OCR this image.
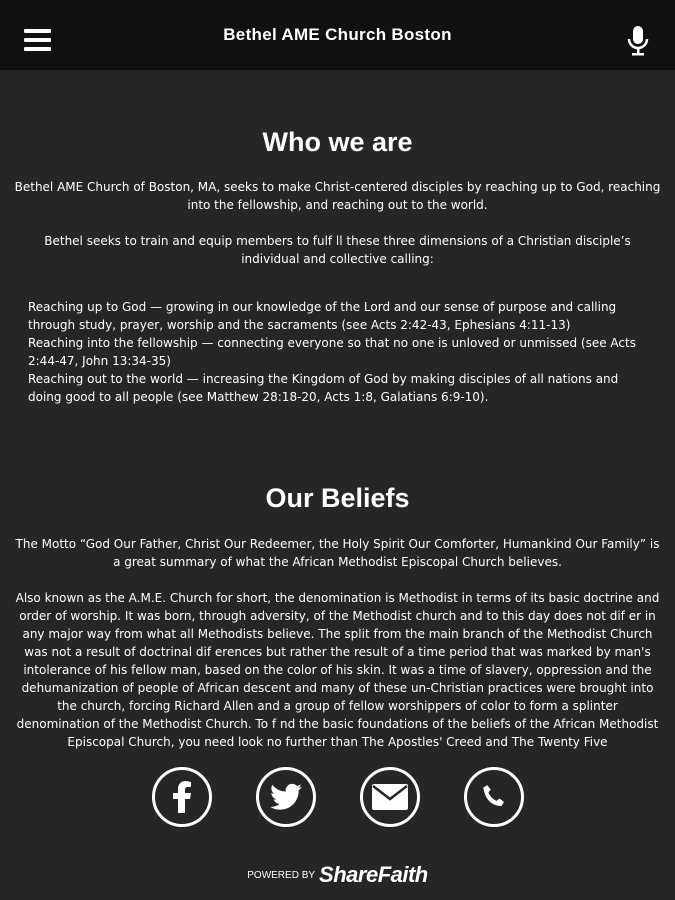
Bethel AME Church Boston
Who we are

Bethel AME Church of Boston, MA, seeks to make Christ-centered disciples by reaching up to God, reaching into the fellowship, and reaching out to the world.

Bethel seeks to train and equip members to fulf ll these three dimensions of a Christian disciple’s individual and collective calling:

Reaching up to God — growing in our knowledge of the Lord and our sense of purpose and calling through study, prayer, worship and the sacraments (see Acts 2:42-43, Ephesians 4:11-13)
Reaching into the fellowship — connecting everyone so that no one is unloved or unmissed (see Acts 2:44-47, John 13:34-35)
Reaching out to the world — increasing the Kingdom of God by making disciples of all nations and doing good to all people (see Matthew 28:18-20, Acts 1:8, Galatians 6:9-10).
Our Beliefs

The Motto “God Our Father, Christ Our Redeemer, the Holy Spirit Our Comforter, Humankind Our Family” is a great summary of what the African Methodist Episcopal Church believes.

Also known as the A.M.E. Church for short, the denomination is Methodist in terms of its basic doctrine and order of worship. It was born, through adversity, of the Methodist church and to this day does not dif er in any major way from what all Methodists believe. The split from the main branch of the Methodist Church was not a result of doctrinal dif erences but rather the result of a time period that was marked by man's intolerance of his fellow man, based on the color of his skin. It was a time of slavery, oppression and the dehumanization of people of African descent and many of these un-Christian practices were brought into the church, forcing Richard Allen and a group of fellow worshippers of color to form a splinter denomination of the Methodist Church. To f nd the basic foundations of the beliefs of the African Methodist Episcopal Church, you need look no further than The Apostles' Creed and The Twenty Five

POWERED BY ShareFaith
